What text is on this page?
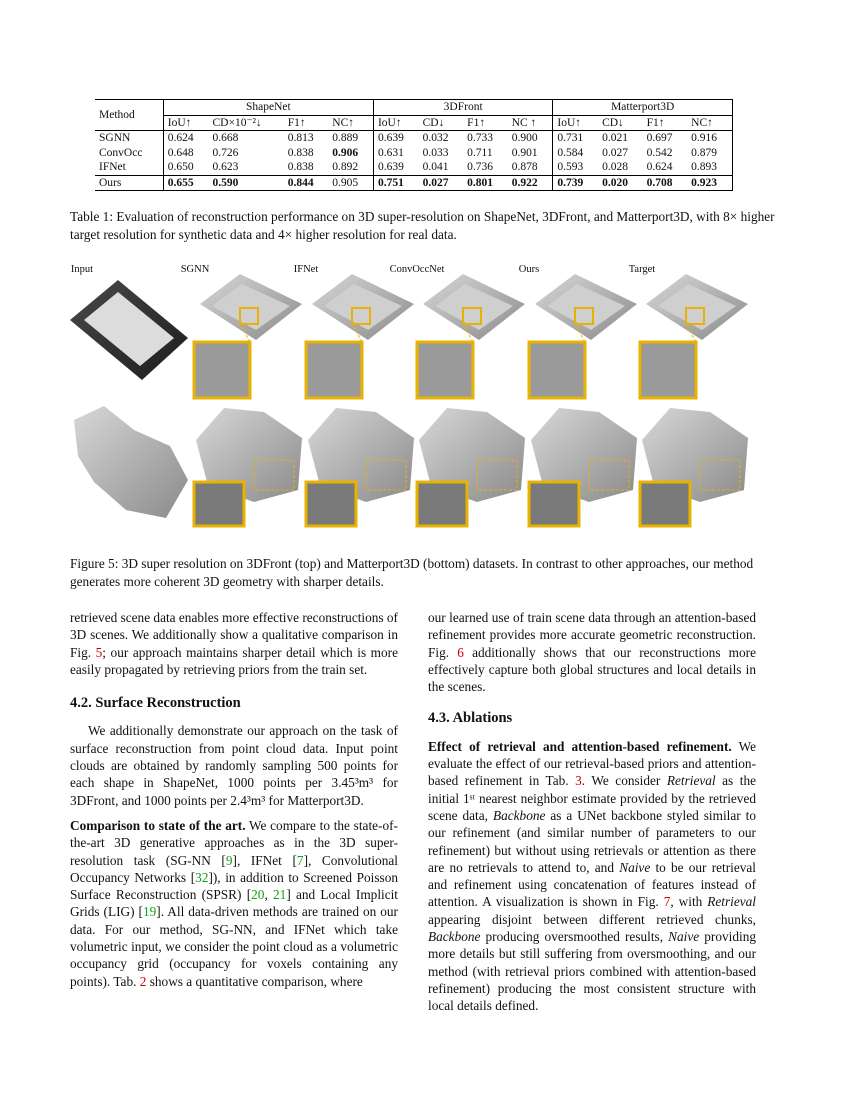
Method	ShapeNet				3DFront				Matterport3D			
	IoU↑	CD×10⁻²↓	F1↑	NC↑	IoU↑	CD↓	F1↑	NC ↑	IoU↑	CD↓	F1↑	NC↑
SGNN	0.624	0.668	0.813	0.889	0.639	0.032	0.733	0.900	0.731	0.021	0.697	0.916
ConvOcc	0.648	0.726	0.838	0.906	0.631	0.033	0.711	0.901	0.584	0.027	0.542	0.879
IFNet	0.650	0.623	0.838	0.892	0.639	0.041	0.736	0.878	0.593	0.028	0.624	0.893
Ours	0.655	0.590	0.844	0.905	0.751	0.027	0.801	0.922	0.739	0.020	0.708	0.923
Table 1: Evaluation of reconstruction performance on 3D super-resolution on ShapeNet, 3DFront, and Matterport3D, with 8× higher target resolution for synthetic data and 4× higher resolution for real data.
Input	SGNN	IFNet	ConvOccNet	Ours	Target
Figure 5: 3D super resolution on 3DFront (top) and Matterport3D (bottom) datasets. In contrast to other approaches, our method generates more coherent 3D geometry with sharper details.

retrieved scene data enables more effective reconstructions of 3D scenes. We additionally show a qualitative comparison in Fig. 5; our approach maintains sharper detail which is more easily propagated by retrieving priors from the train set.

4.2. Surface Reconstruction

We additionally demonstrate our approach on the task of surface reconstruction from point cloud data. Input point clouds are obtained by randomly sampling 500 points for each shape in ShapeNet, 1000 points per 3.45³m³ for 3DFront, and 1000 points per 2.4³m³ for Matterport3D.

Comparison to state of the art. We compare to the state-of-the-art 3D generative approaches as in the 3D super-resolution task (SG-NN [9], IFNet [7], Convolutional Occupancy Networks [32]), in addition to Screened Poisson Surface Reconstruction (SPSR) [20, 21] and Local Implicit Grids (LIG) [19]. All data-driven methods are trained on our data. For our method, SG-NN, and IFNet which take volumetric input, we consider the point cloud as a volumetric occupancy grid (occupancy for voxels containing any points). Tab. 2 shows a quantitative comparison, where

our learned use of train scene data through an attention-based refinement provides more accurate geometric reconstruction. Fig. 6 additionally shows that our reconstructions more effectively capture both global structures and local details in the scenes.

4.3. Ablations

Effect of retrieval and attention-based refinement. We evaluate the effect of our retrieval-based priors and attention-based refinement in Tab. 3. We consider Retrieval as the initial 1ˢᵗ nearest neighbor estimate provided by the retrieved scene data, Backbone as a UNet backbone styled similar to our refinement (and similar number of parameters to our refinement) but without using retrievals or attention as there are no retrievals to attend to, and Naive to be our retrieval and refinement using concatenation of features instead of attention. A visualization is shown in Fig. 7, with Retrieval appearing disjoint between different retrieved chunks, Backbone producing oversmoothed results, Naive providing more details but still suffering from oversmoothing, and our method (with retrieval priors combined with attention-based refinement) producing the most consistent structure with local details defined.
